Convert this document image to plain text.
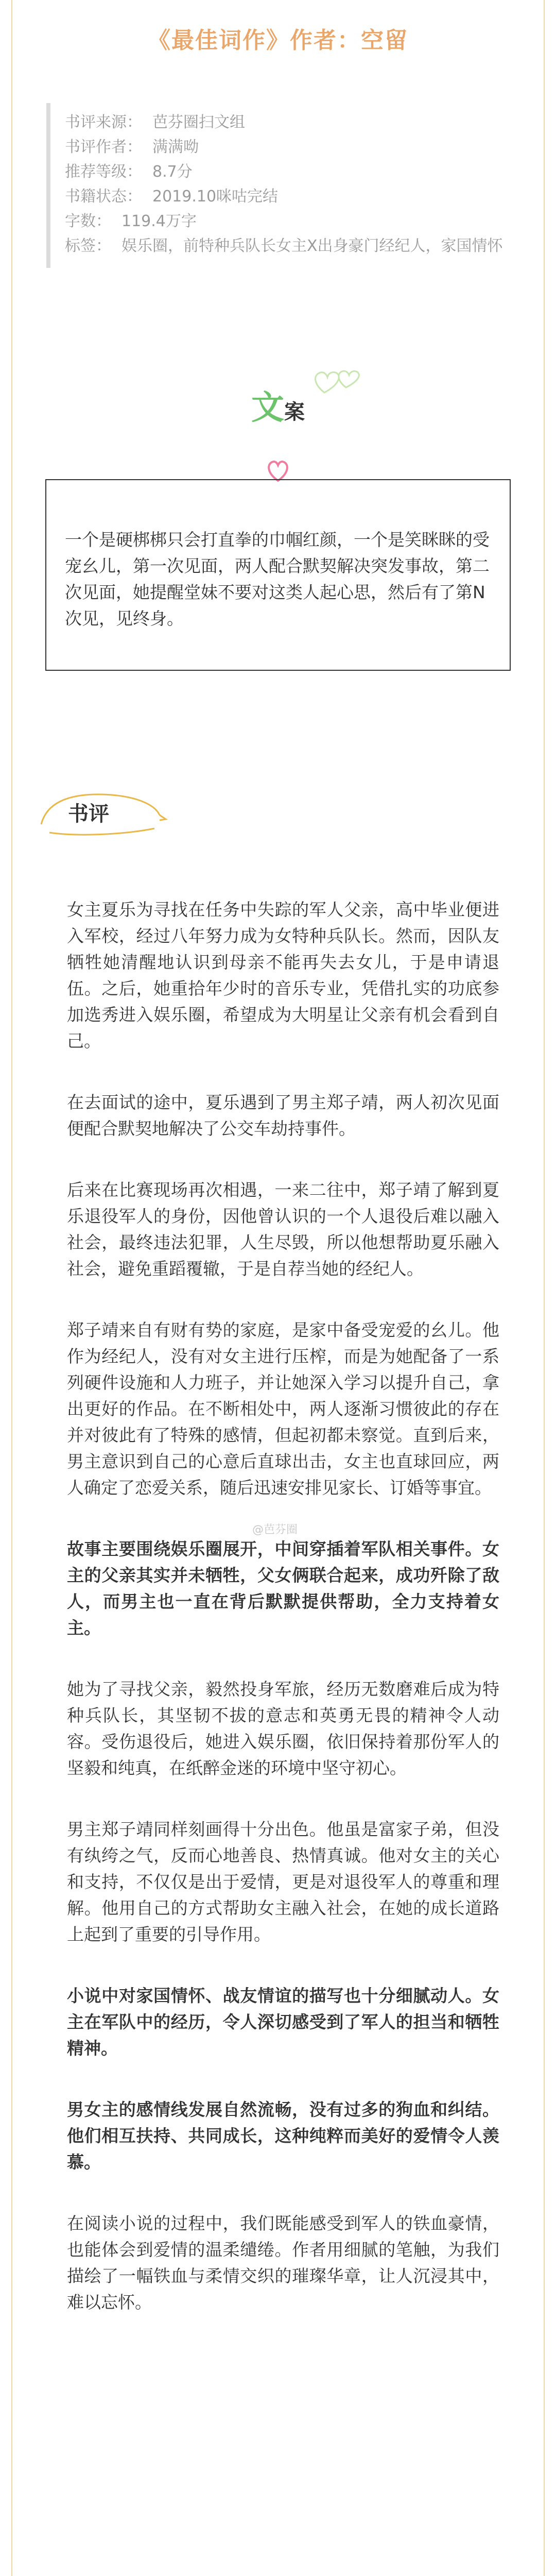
《最佳词作》作者：空留
书评来源： 芭芬圈扫文组
书评作者： 满满呦
推荐等级： 8.7分
书籍状态： 2019.10咪咕完结
字数： 119.4万字
标签： 娱乐圈，前特种兵队长女主X出身豪门经纪人，家国情怀
文案
一个是硬梆梆只会打直拳的巾帼红颜，一个是笑眯眯的受宠幺儿，第一次见面，两人配合默契解决突发事故，第二次见面，她提醒堂妹不要对这类人起心思，然后有了第N次见，见终身。
书评

女主夏乐为寻找在任务中失踪的军人父亲，高中毕业便进入军校，经过八年努力成为女特种兵队长。然而，因队友牺牲她清醒地认识到母亲不能再失去女儿，于是申请退伍。之后，她重拾年少时的音乐专业，凭借扎实的功底参加选秀进入娱乐圈，希望成为大明星让父亲有机会看到自己。

在去面试的途中，夏乐遇到了男主郑子靖，两人初次见面便配合默契地解决了公交车劫持事件。

后来在比赛现场再次相遇，一来二往中，郑子靖了解到夏乐退役军人的身份，因他曾认识的一个人退役后难以融入社会，最终违法犯罪，人生尽毁，所以他想帮助夏乐融入社会，避免重蹈覆辙，于是自荐当她的经纪人。

郑子靖来自有财有势的家庭，是家中备受宠爱的幺儿。他作为经纪人，没有对女主进行压榨，而是为她配备了一系列硬件设施和人力班子，并让她深入学习以提升自己，拿出更好的作品。在不断相处中，两人逐渐习惯彼此的存在并对彼此有了特殊的感情，但起初都未察觉。直到后来，男主意识到自己的心意后直球出击，女主也直球回应，两人确定了恋爱关系，随后迅速安排见家长、订婚等事宜。

故事主要围绕娱乐圈展开，中间穿插着军队相关事件。女主的父亲其实并未牺牲，父女俩联合起来，成功歼除了敌人，而男主也一直在背后默默提供帮助，全力支持着女主。

她为了寻找父亲，毅然投身军旅，经历无数磨难后成为特种兵队长，其坚韧不拔的意志和英勇无畏的精神令人动容。受伤退役后，她进入娱乐圈，依旧保持着那份军人的坚毅和纯真，在纸醉金迷的环境中坚守初心。

男主郑子靖同样刻画得十分出色。他虽是富家子弟，但没有纨绔之气，反而心地善良、热情真诚。他对女主的关心和支持，不仅仅是出于爱情，更是对退役军人的尊重和理解。他用自己的方式帮助女主融入社会，在她的成长道路上起到了重要的引导作用。

小说中对家国情怀、战友情谊的描写也十分细腻动人。女主在军队中的经历，令人深切感受到了军人的担当和牺牲精神。

男女主的感情线发展自然流畅，没有过多的狗血和纠结。他们相互扶持、共同成长，这种纯粹而美好的爱情令人羡慕。

在阅读小说的过程中，我们既能感受到军人的铁血豪情，也能体会到爱情的温柔缱绻。作者用细腻的笔触，为我们描绘了一幅铁血与柔情交织的璀璨华章，让人沉浸其中，难以忘怀。

@芭芬圈
